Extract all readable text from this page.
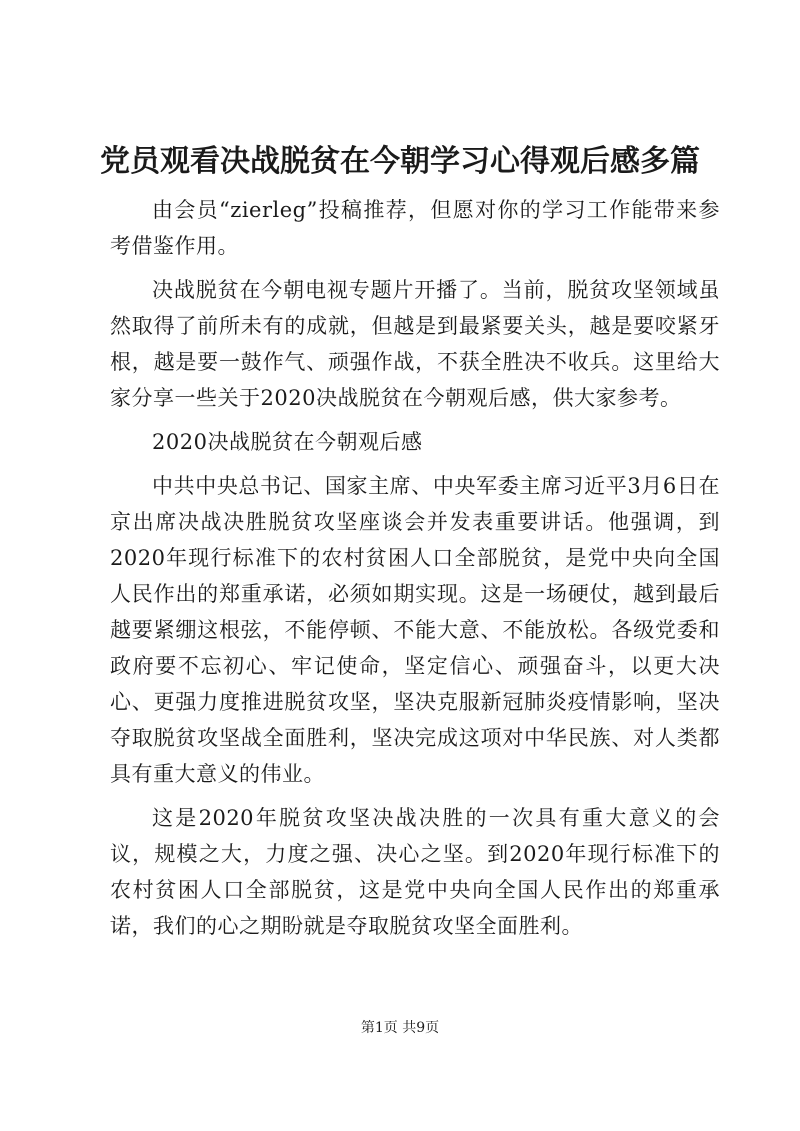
党员观看决战脱贫在今朝学习心得观后感多篇

由会员“zierleg”投稿推荐，但愿对你的学习工作能带来参考借鉴作用。

决战脱贫在今朝电视专题片开播了。当前，脱贫攻坚领域虽然取得了前所未有的成就，但越是到最紧要关头，越是要咬紧牙根，越是要一鼓作气、顽强作战，不获全胜决不收兵。这里给大家分享一些关于2020决战脱贫在今朝观后感，供大家参考。

2020决战脱贫在今朝观后感

中共中央总书记、国家主席、中央军委主席习近平3月6日在京出席决战决胜脱贫攻坚座谈会并发表重要讲话。他强调，到2020年现行标准下的农村贫困人口全部脱贫，是党中央向全国人民作出的郑重承诺，必须如期实现。这是一场硬仗，越到最后越要紧绷这根弦，不能停顿、不能大意、不能放松。各级党委和政府要不忘初心、牢记使命，坚定信心、顽强奋斗，以更大决心、更强力度推进脱贫攻坚，坚决克服新冠肺炎疫情影响，坚决夺取脱贫攻坚战全面胜利，坚决完成这项对中华民族、对人类都具有重大意义的伟业。

这是2020年脱贫攻坚决战决胜的一次具有重大意义的会议，规模之大，力度之强、决心之坚。到2020年现行标准下的农村贫困人口全部脱贫，这是党中央向全国人民作出的郑重承诺，我们的心之期盼就是夺取脱贫攻坚全面胜利。

第1页 共9页
